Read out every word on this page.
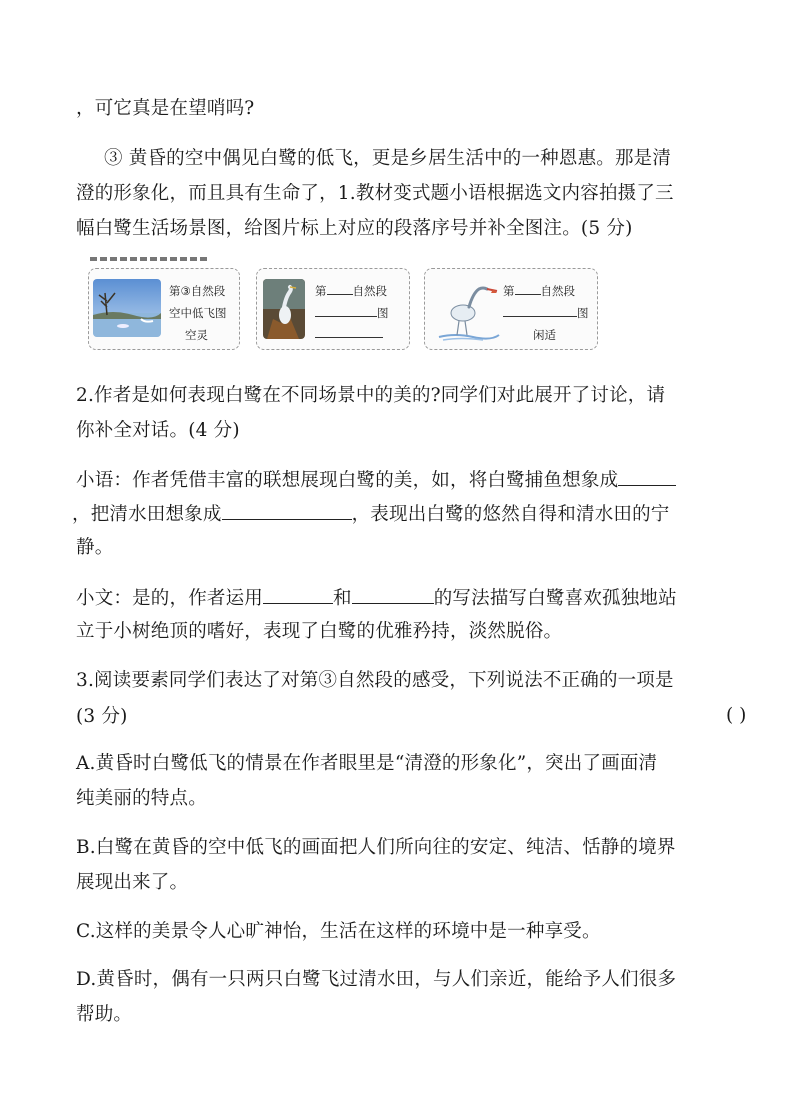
，可它真是在望哨吗?
③ 黄昏的空中偶见白鹭的低飞，更是乡居生活中的一种恩惠。那是清
澄的形象化，而且具有生命了，1.教材变式题小语根据选文内容拍摄了三
幅白鹭生活场景图，给图片标上对应的段落序号并补全图注。(5 分)
第③自然段
空中低飞图
空灵
第 自然段
图
第 自然段
图
闲适
2.作者是如何表现白鹭在不同场景中的美的?同学们对此展开了讨论，请
你补全对话。(4 分)
小语：作者凭借丰富的联想展现白鹭的美，如，将白鹭捕鱼想象成
，把清水田想象成	，表现出白鹭的悠然自得和清水田的宁
静。
小文：是的，作者运用	和	的写法描写白鹭喜欢孤独地站
立于小树绝顶的嗜好，表现了白鹭的优雅矜持，淡然脱俗。
3.阅读要素同学们表达了对第③自然段的感受，下列说法不正确的一项是
(3 分)	( )
A.黄昏时白鹭低飞的情景在作者眼里是“清澄的形象化”，突出了画面清
纯美丽的特点。
B.白鹭在黄昏的空中低飞的画面把人们所向往的安定、纯洁、恬静的境界
展现出来了。
C.这样的美景令人心旷神怡，生活在这样的环境中是一种享受。
D.黄昏时，偶有一只两只白鹭飞过清水田，与人们亲近，能给予人们很多
帮助。
